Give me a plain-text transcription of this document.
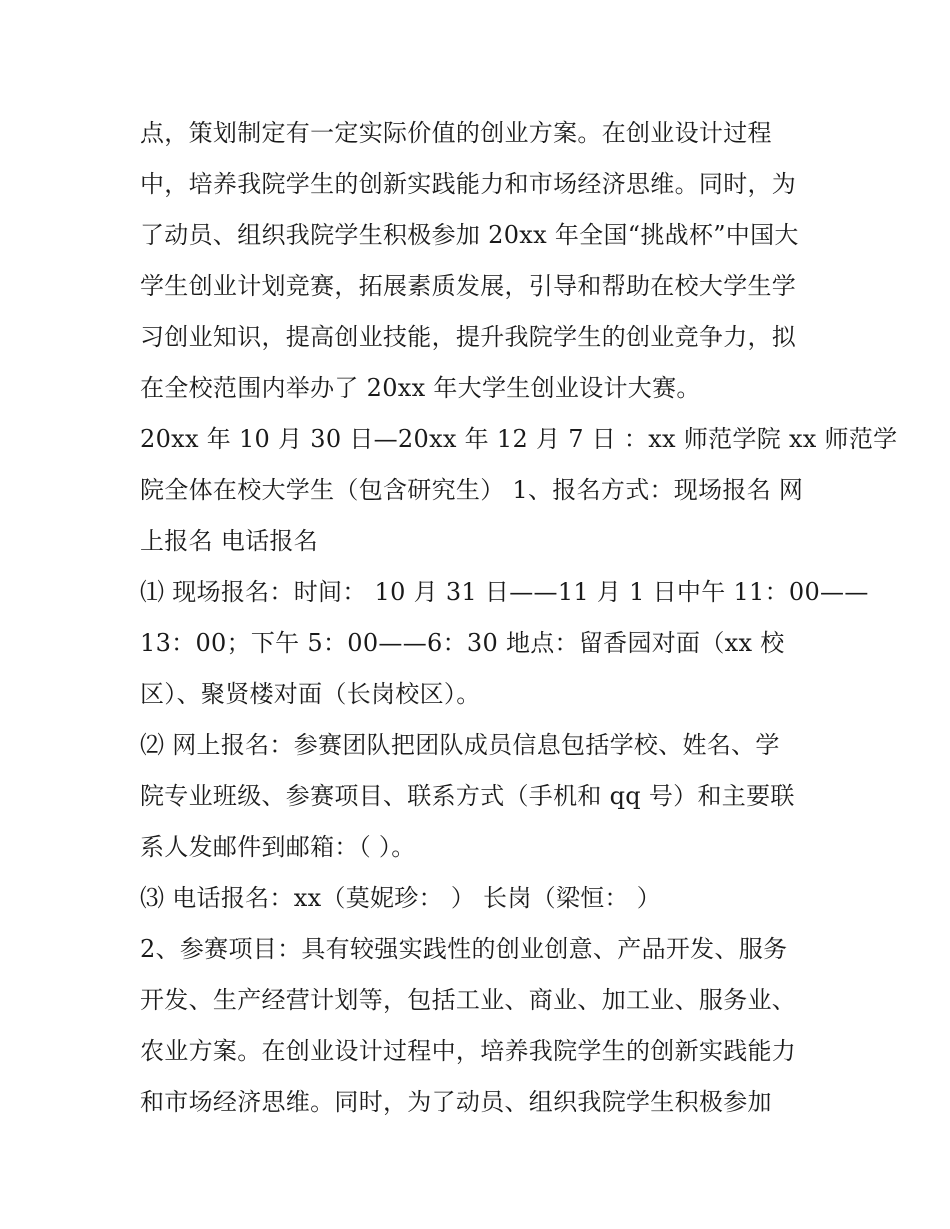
点，策划制定有一定实际价值的创业方案。在创业设计过程
中，培养我院学生的创新实践能力和市场经济思维。同时，为
了动员、组织我院学生积极参加 20xx 年全国“挑战杯”中国大
学生创业计划竞赛，拓展素质发展，引导和帮助在校大学生学
习创业知识，提高创业技能，提升我院学生的创业竞争力，拟
在全校范围内举办了 20xx 年大学生创业设计大赛。
20xx 年 10 月 30 日—20xx 年 12 月 7 日 ：xx 师范学院 xx 师范学
院全体在校大学生（包含研究生） 1、报名方式：现场报名 网
上报名 电话报名
⑴ 现场报名：时间： 10 月 31 日——11 月 1 日中午 11：00——
13：00；下午 5：00——6：30 地点：留香园对面（xx 校
区）、聚贤楼对面（长岗校区）。
⑵ 网上报名：参赛团队把团队成员信息包括学校、姓名、学
院专业班级、参赛项目、联系方式（手机和 qq 号）和主要联
系人发邮件到邮箱：（ ）。
⑶ 电话报名：xx（莫妮珍： ） 长岗（梁恒： ）
2、参赛项目：具有较强实践性的创业创意、产品开发、服务
开发、生产经营计划等，包括工业、商业、加工业、服务业、
农业方案。在创业设计过程中，培养我院学生的创新实践能力
和市场经济思维。同时，为了动员、组织我院学生积极参加
